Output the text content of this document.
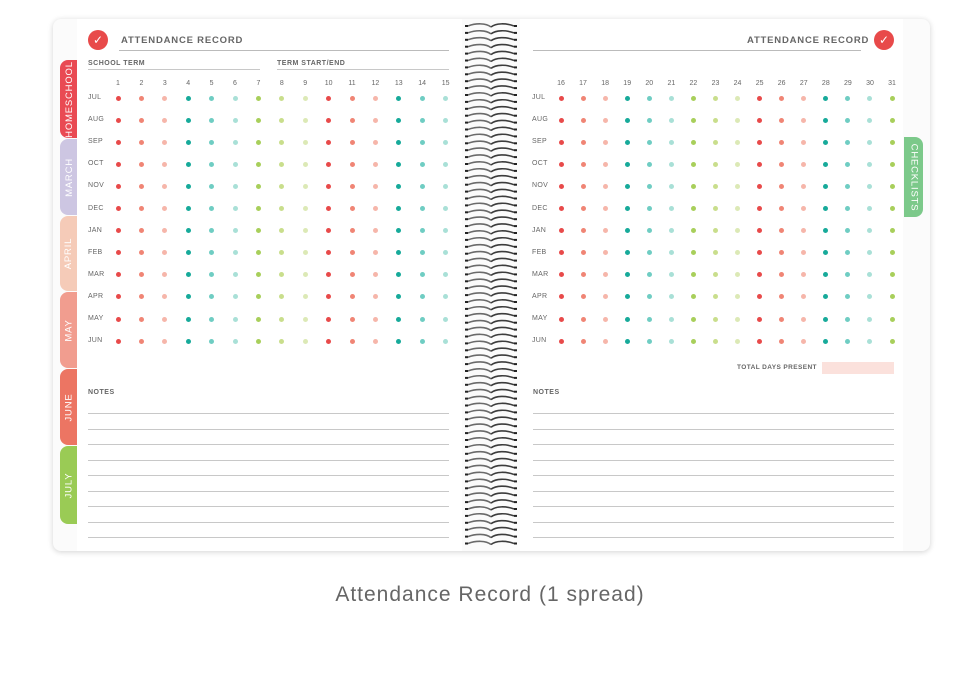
HOMESCHOOL
MARCH
APRIL
MAY
JUNE
JULY
CHECKLISTS
✓	ATTENDANCE RECORD
SCHOOL TERM	TERM START/END
✓
ATTENDANCE RECORD
1	2	3	4	5	6	7	8	9	10	11	12	13	14	15
JUL
AUG
SEP
OCT
NOV
DEC
JAN
FEB
MAR
APR
MAY
JUN
16	17	18	19	20	21	22	23	24	25	26	27	28	29	30	31
JUL
AUG
SEP
OCT
NOV
DEC
JAN
FEB
MAR
APR
MAY
JUN
TOTAL DAYS PRESENT
NOTES	NOTES
Attendance Record (1 spread)
